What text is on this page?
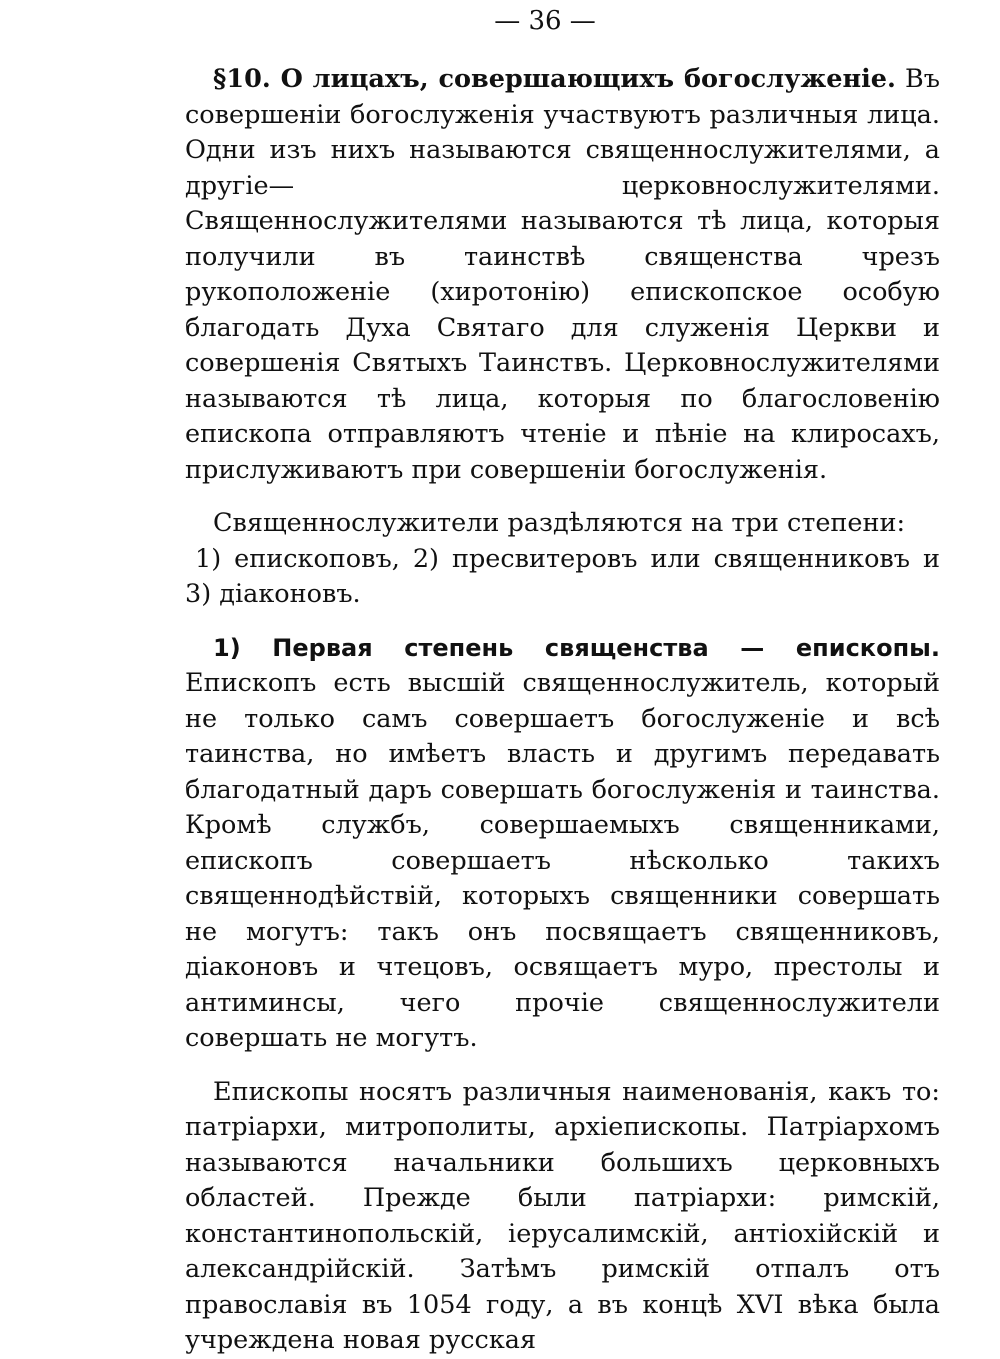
— 36 —

§10. О лицахъ, совершающихъ богослуженіе. Въ совершеніи богослуженія участвуютъ различныя лица. Одни изъ нихъ называются священнослужителями, а другіе— церковнослужителями. Священнослужителями называются тѣ лица, которыя получили въ таинствѣ священства чрезъ рукоположеніе (хиротонію) епископское особую благодать Духа Святаго для служенія Церкви и совершенія Святыхъ Таинствъ. Церковнослужителями называются тѣ лица, которыя по благословенію епископа отправляютъ чтеніе и пѣніе на клиросахъ, прислуживаютъ при совершеніи богослуженія.

Священнослужители раздѣляются на три степени:

1) епископовъ, 2) пресвитеровъ или священниковъ и 3) діаконовъ.

1) Первая степень священства — епископы. Епископъ есть высшій священнослужитель, который не только самъ совершаетъ богослуженіе и всѣ таинства, но имѣетъ власть и другимъ передавать благодатный даръ совершать богослуженія и таинства. Кромѣ службъ, совершаемыхъ священниками, епископъ совершаетъ нѣсколько такихъ священнодѣйствій, которыхъ священники совершать не могутъ: такъ онъ посвящаетъ священниковъ, діаконовъ и чтецовъ, освящаетъ муро, престолы и антиминсы, чего прочіе священнослужители совершать не могутъ.

Епископы носятъ различныя наименованія, какъ то: патріархи, митрополиты, архіепископы. Патріархомъ называются начальники большихъ церковныхъ областей. Прежде были патріархи: римскій, константинопольскій, іерусалимскій, антіохійскій и александрійскій. Затѣмъ римскій отпалъ отъ православія въ 1054 году, а въ концѣ XVI вѣка была учреждена новая русская
